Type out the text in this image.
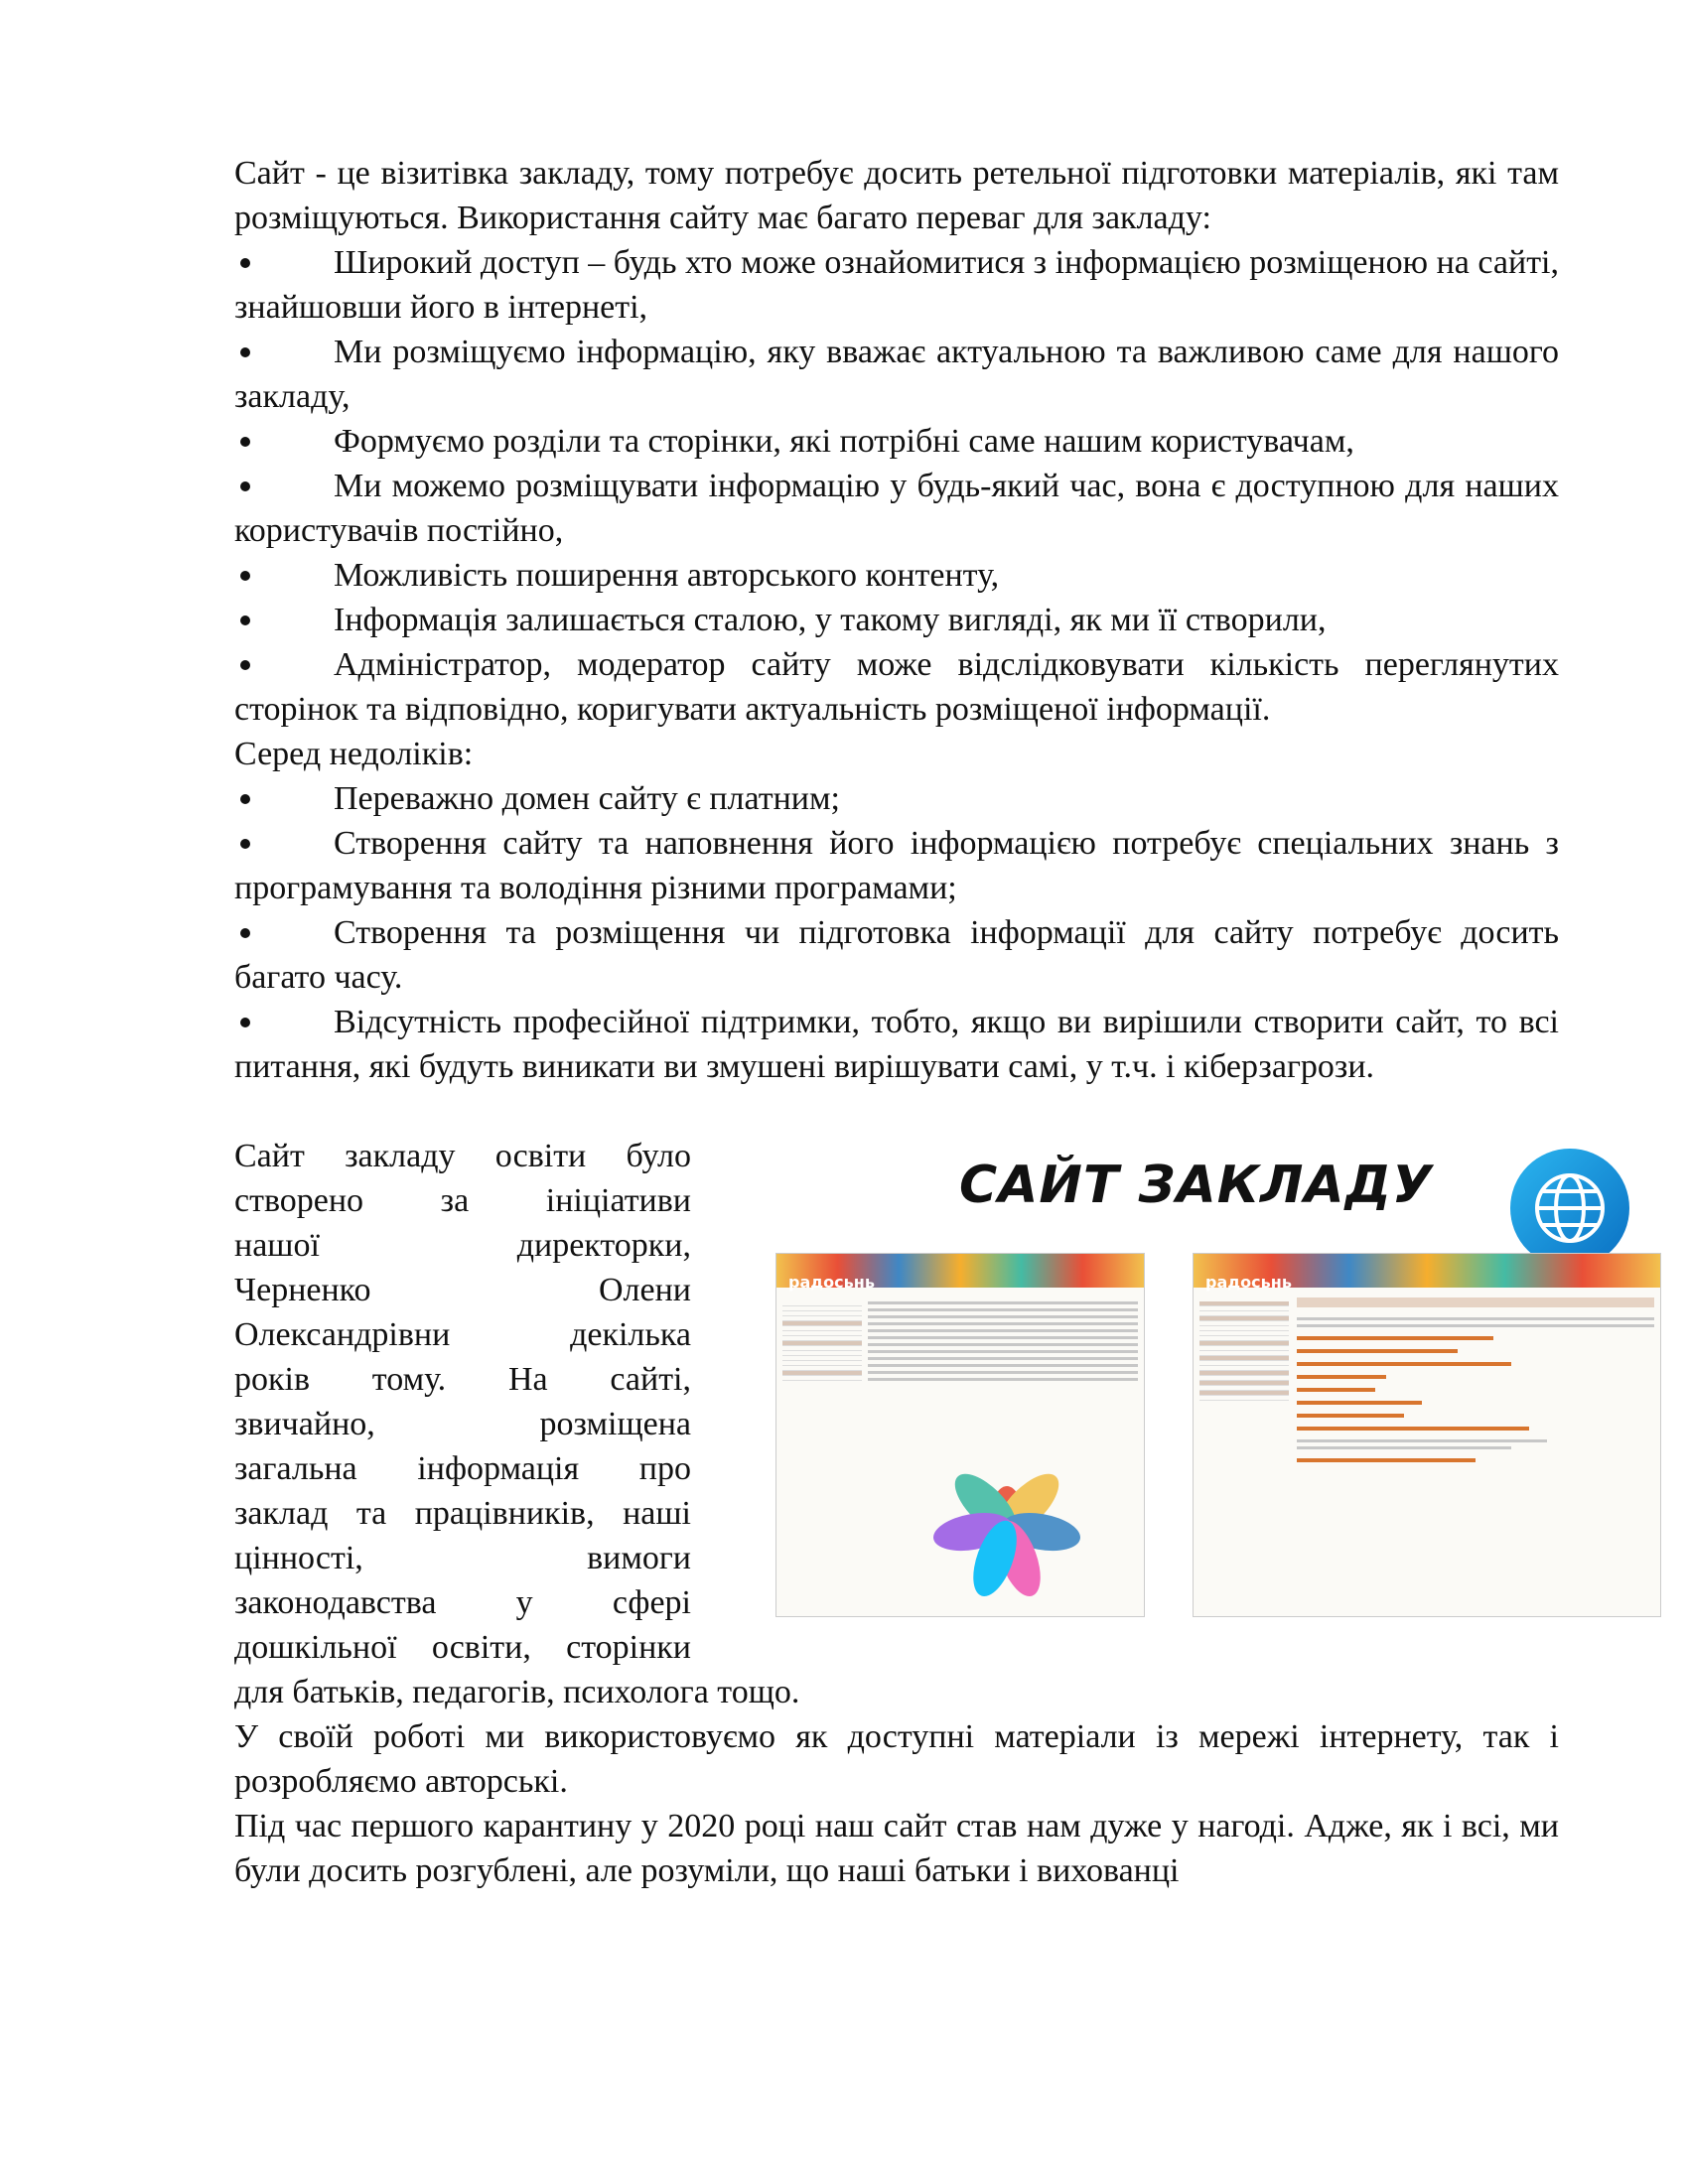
Сайт - це візитівка закладу, тому потребує досить ретельної підготовки матеріалів, які там розміщуються. Використання сайту має багато переваг для закладу:

Широкий доступ – будь хто може ознайомитися з інформацією розміщеною на сайті, знайшовши його в інтернеті,

Ми розміщуємо інформацію, яку вважає актуальною та важливою саме для нашого закладу,

Формуємо розділи та сторінки, які потрібні саме нашим користувачам,

Ми можемо розміщувати інформацію у будь-який час, вона є доступною для наших користувачів постійно,

Можливість поширення авторського контенту,

Інформація залишається сталою, у такому вигляді, як ми її створили,

Адміністратор, модератор сайту може відслідковувати кількість переглянутих сторінок та відповідно, коригувати актуальність розміщеної інформації.

Серед недоліків:

Переважно домен сайту є платним;

Створення сайту та наповнення його інформацією потребує спеціальних знань з програмування та володіння різними програмами;

Створення та розміщення чи підготовка інформації для сайту потребує досить багато часу.

Відсутність професійної підтримки, тобто, якщо ви вирішили створити сайт, то всі питання, які будуть виникати ви змушені вирішувати самі, у т.ч. і кіберзагрози.

Сайт закладу освіти було

створено за ініціативи

нашої директорки,

Черненко Олени

Олександрівни декілька

років тому. На сайті,

звичайно, розміщена

загальна інформація про

заклад та працівників, наші

цінності, вимоги

законодавства у сфері

дошкільної освіти, сторінки

САЙТ ЗАКЛАДУ
радосьнь	радосьнь

для батьків, педагогів, психолога тощо.

У своїй роботі ми використовуємо як доступні матеріали із мережі інтернету, так і розробляємо авторські.

Під час першого карантину у 2020 році наш сайт став нам дуже у нагоді. Адже, як і всі, ми були досить розгублені, але розуміли, що наші батьки і вихованці
